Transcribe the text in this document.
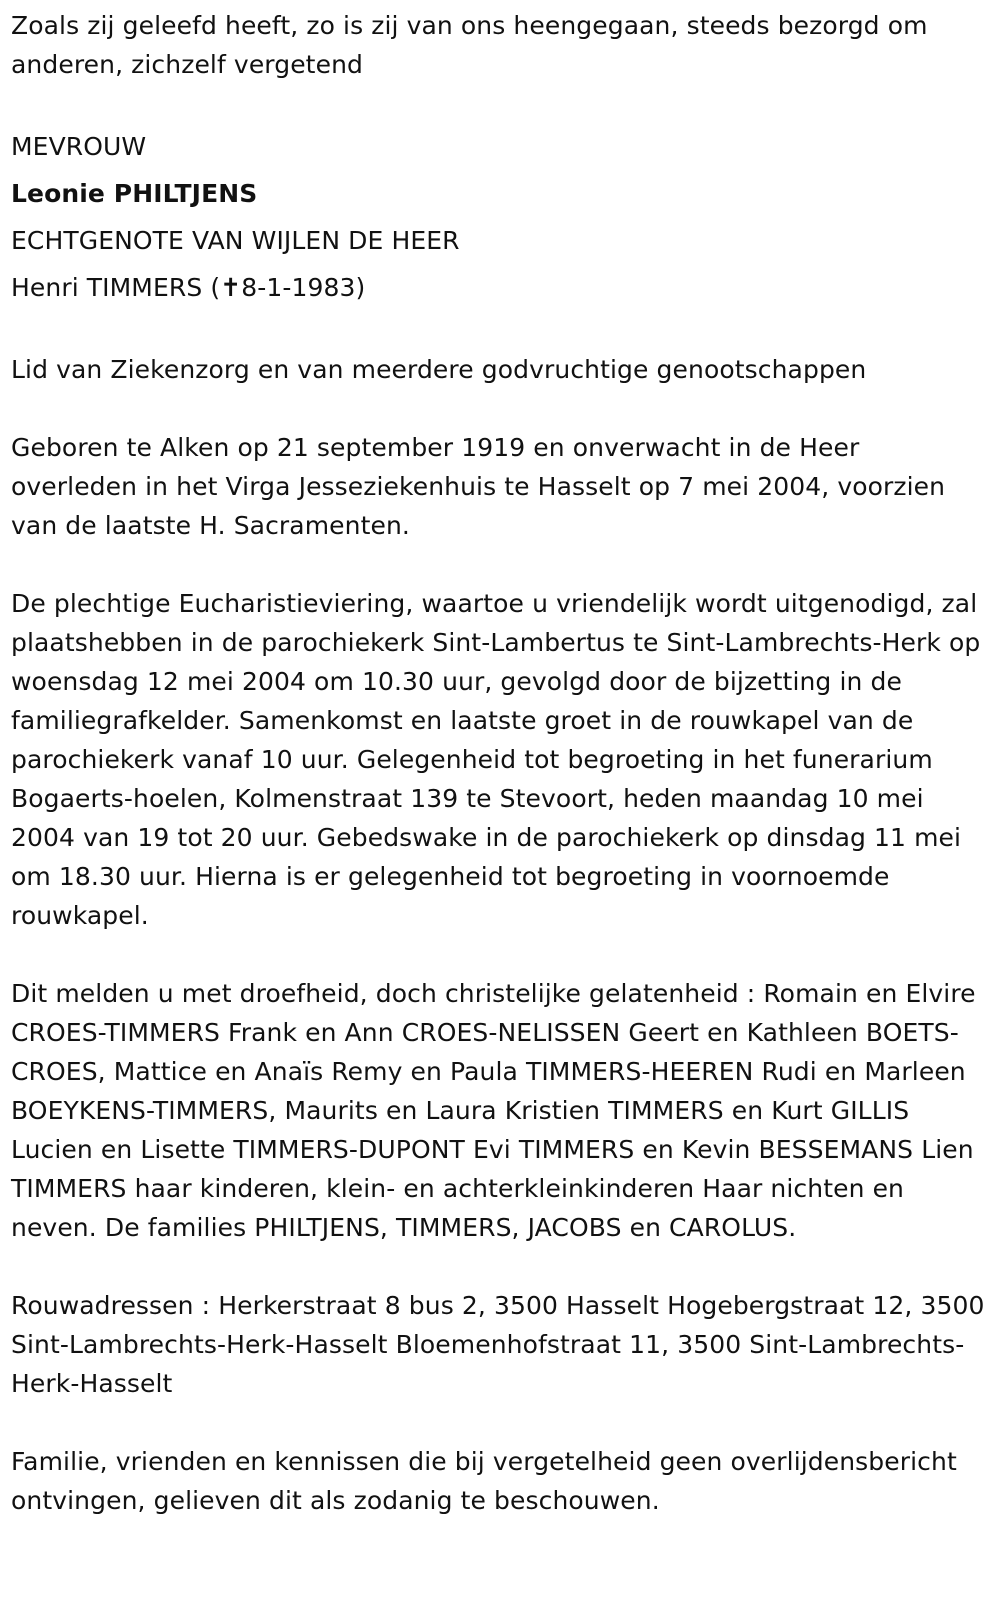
Zoals zij geleefd heeft, zo is zij van ons heengegaan, steeds bezorgd om anderen, zichzelf vergetend

MEVROUW

Leonie PHILTJENS

ECHTGENOTE VAN WIJLEN DE HEER

Henri TIMMERS (✝8-1-1983)

Lid van Ziekenzorg en van meerdere godvruchtige genootschappen

Geboren te Alken op 21 september 1919 en onverwacht in de Heer overleden in het Virga Jesseziekenhuis te Hasselt op 7 mei 2004, voorzien van de laatste H. Sacramenten.

De plechtige Eucharistieviering, waartoe u vriendelijk wordt uitgenodigd, zal plaatshebben in de parochiekerk Sint-Lambertus te Sint-Lambrechts-Herk op woensdag 12 mei 2004 om 10.30 uur, gevolgd door de bijzetting in de familiegrafkelder. Samenkomst en laatste groet in de rouwkapel van de parochiekerk vanaf 10 uur. Gelegenheid tot begroeting in het funerarium Bogaerts-hoelen, Kolmenstraat 139 te Stevoort, heden maandag 10 mei 2004 van 19 tot 20 uur. Gebedswake in de parochiekerk op dinsdag 11 mei om 18.30 uur. Hierna is er gelegenheid tot begroeting in voornoemde rouwkapel.

Dit melden u met droefheid, doch christelijke gelatenheid : Romain en Elvire CROES-TIMMERS Frank en Ann CROES-NELISSEN Geert en Kathleen BOETS-CROES, Mattice en Anaïs Remy en Paula TIMMERS-HEEREN Rudi en Marleen BOEYKENS-TIMMERS, Maurits en Laura Kristien TIMMERS en Kurt GILLIS Lucien en Lisette TIMMERS-DUPONT Evi TIMMERS en Kevin BESSEMANS Lien TIMMERS haar kinderen, klein- en achterkleinkinderen Haar nichten en neven. De families PHILTJENS, TIMMERS, JACOBS en CAROLUS.

Rouwadressen : Herkerstraat 8 bus 2, 3500 Hasselt Hogebergstraat 12, 3500 Sint-Lambrechts-Herk-Hasselt Bloemenhofstraat 11, 3500 Sint-Lambrechts-Herk-Hasselt

Familie, vrienden en kennissen die bij vergetelheid geen overlijdensbericht ontvingen, gelieven dit als zodanig te beschouwen.
